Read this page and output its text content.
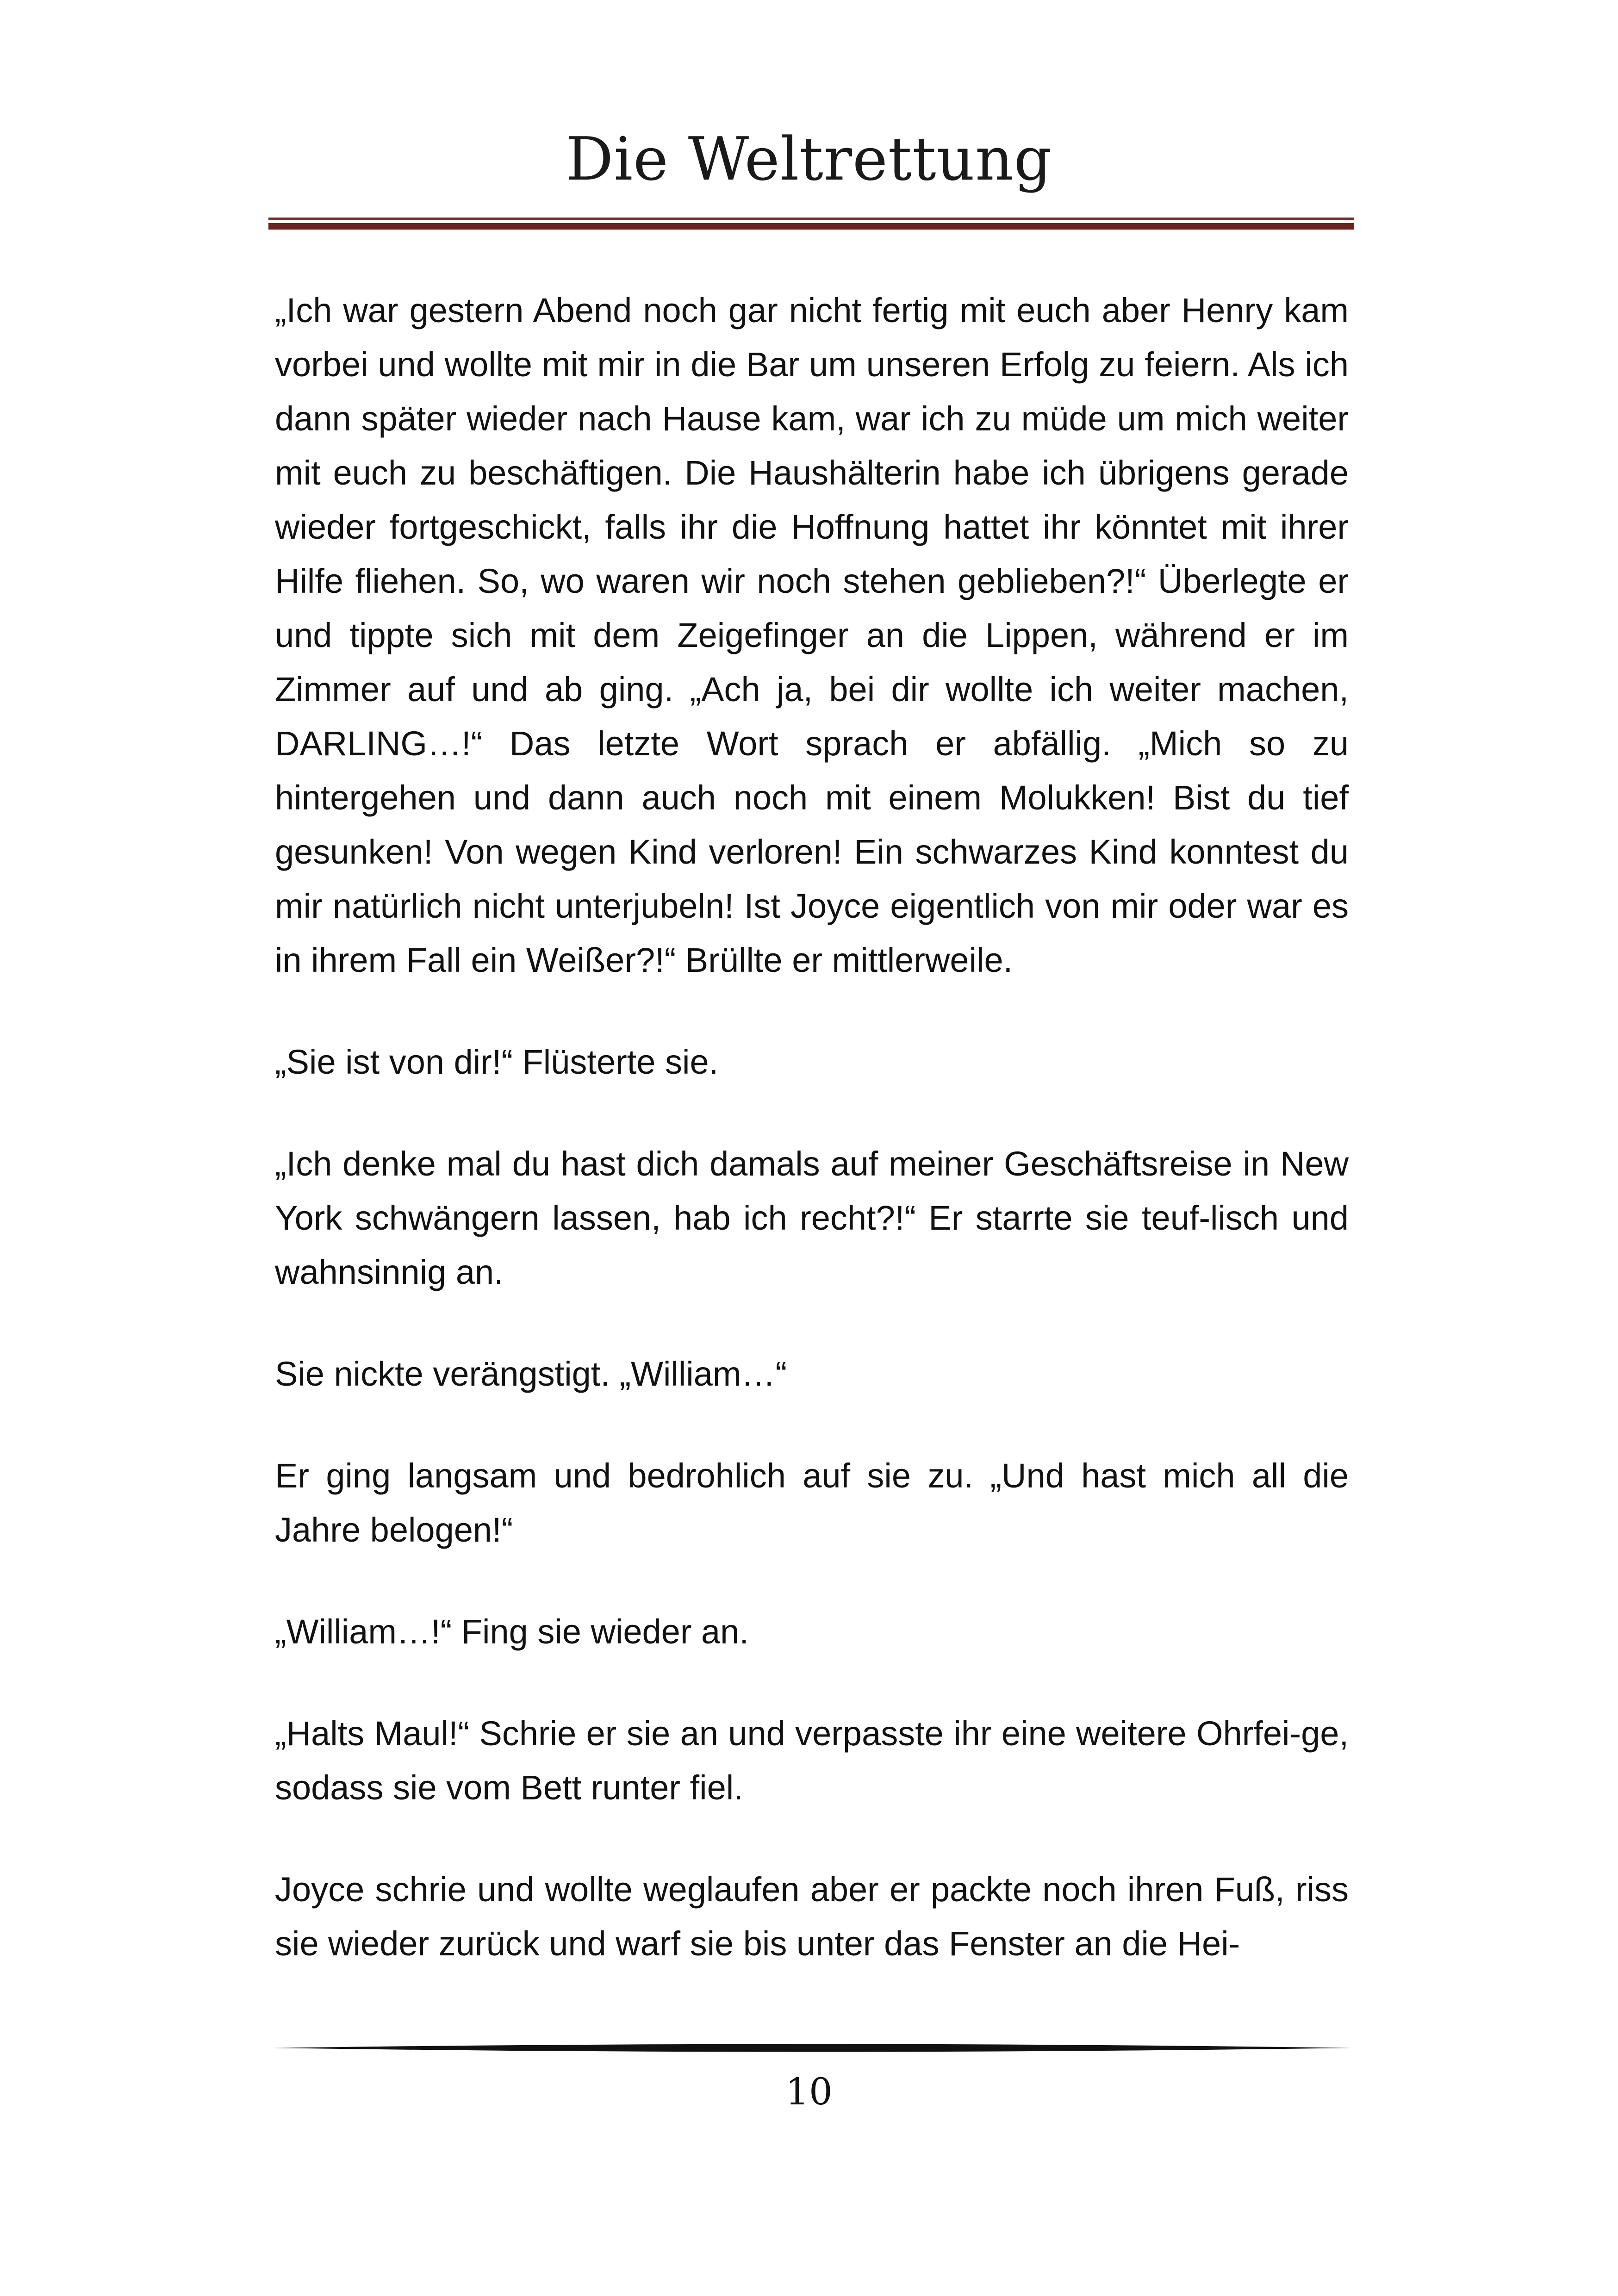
Die Weltrettung

„Ich war gestern Abend noch gar nicht fertig mit euch aber Henry kam vorbei und wollte mit mir in die Bar um unseren Erfolg zu feiern. Als ich dann später wieder nach Hause kam, war ich zu müde um mich weiter mit euch zu beschäftigen. Die Haushälterin habe ich übrigens gerade wieder fortgeschickt, falls ihr die Hoffnung hattet ihr könntet mit ihrer Hilfe fliehen. So, wo waren wir noch stehen geblieben?!“ Überlegte er und tippte sich mit dem Zeigefinger an die Lippen, während er im Zimmer auf und ab ging. „Ach ja, bei dir wollte ich weiter machen, DARLING…!“ Das letzte Wort sprach er abfällig. „Mich so zu hintergehen und dann auch noch mit einem Molukken! Bist du tief gesunken! Von wegen Kind verloren! Ein schwarzes Kind konntest du mir natürlich nicht unterjubeln! Ist Joyce eigentlich von mir oder war es in ihrem Fall ein Weißer?!“ Brüllte er mittlerweile.

„Sie ist von dir!“ Flüsterte sie.

„Ich denke mal du hast dich damals auf meiner Geschäftsreise in New York schwängern lassen, hab ich recht?!“ Er starrte sie teuf-lisch und wahnsinnig an.

Sie nickte verängstigt. „William…“

Er ging langsam und bedrohlich auf sie zu. „Und hast mich all die Jahre belogen!“

„William…!“ Fing sie wieder an.

„Halts Maul!“ Schrie er sie an und verpasste ihr eine weitere Ohrfei-ge, sodass sie vom Bett runter fiel.

Joyce schrie und wollte weglaufen aber er packte noch ihren Fuß, riss sie wieder zurück und warf sie bis unter das Fenster an die Hei-

10
